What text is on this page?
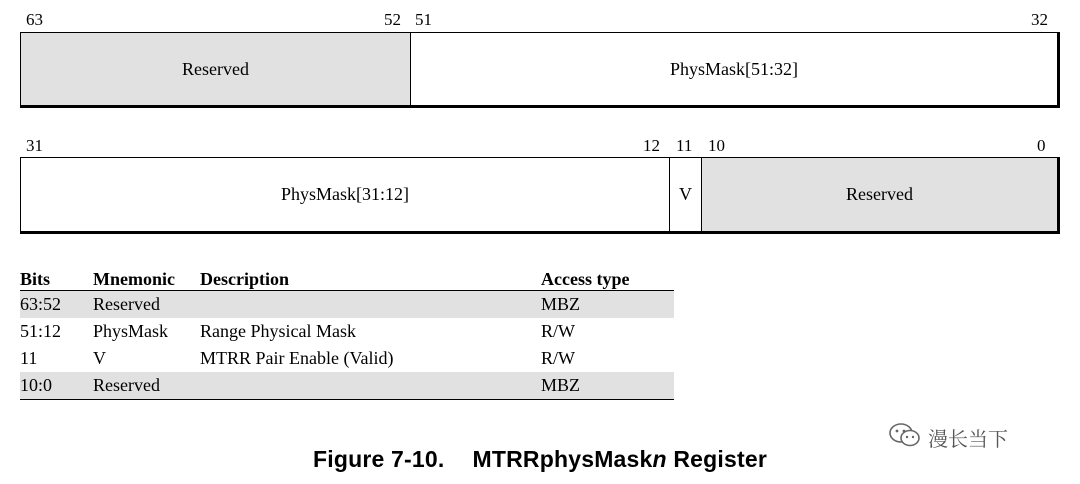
63	52 51	32
Reserved	PhysMask[51:32]
31	12 11 10	0
PhysMask[31:12]	V	Reserved
Bits	Mnemonic	Description	Access type
63:52	Reserved		MBZ
51:12	PhysMask	Range Physical Mask	R/W
11	V	MTRR Pair Enable (Valid)	R/W
10:0	Reserved		MBZ
漫长当下
Figure 7-10. MTRRphysMaskn Register
